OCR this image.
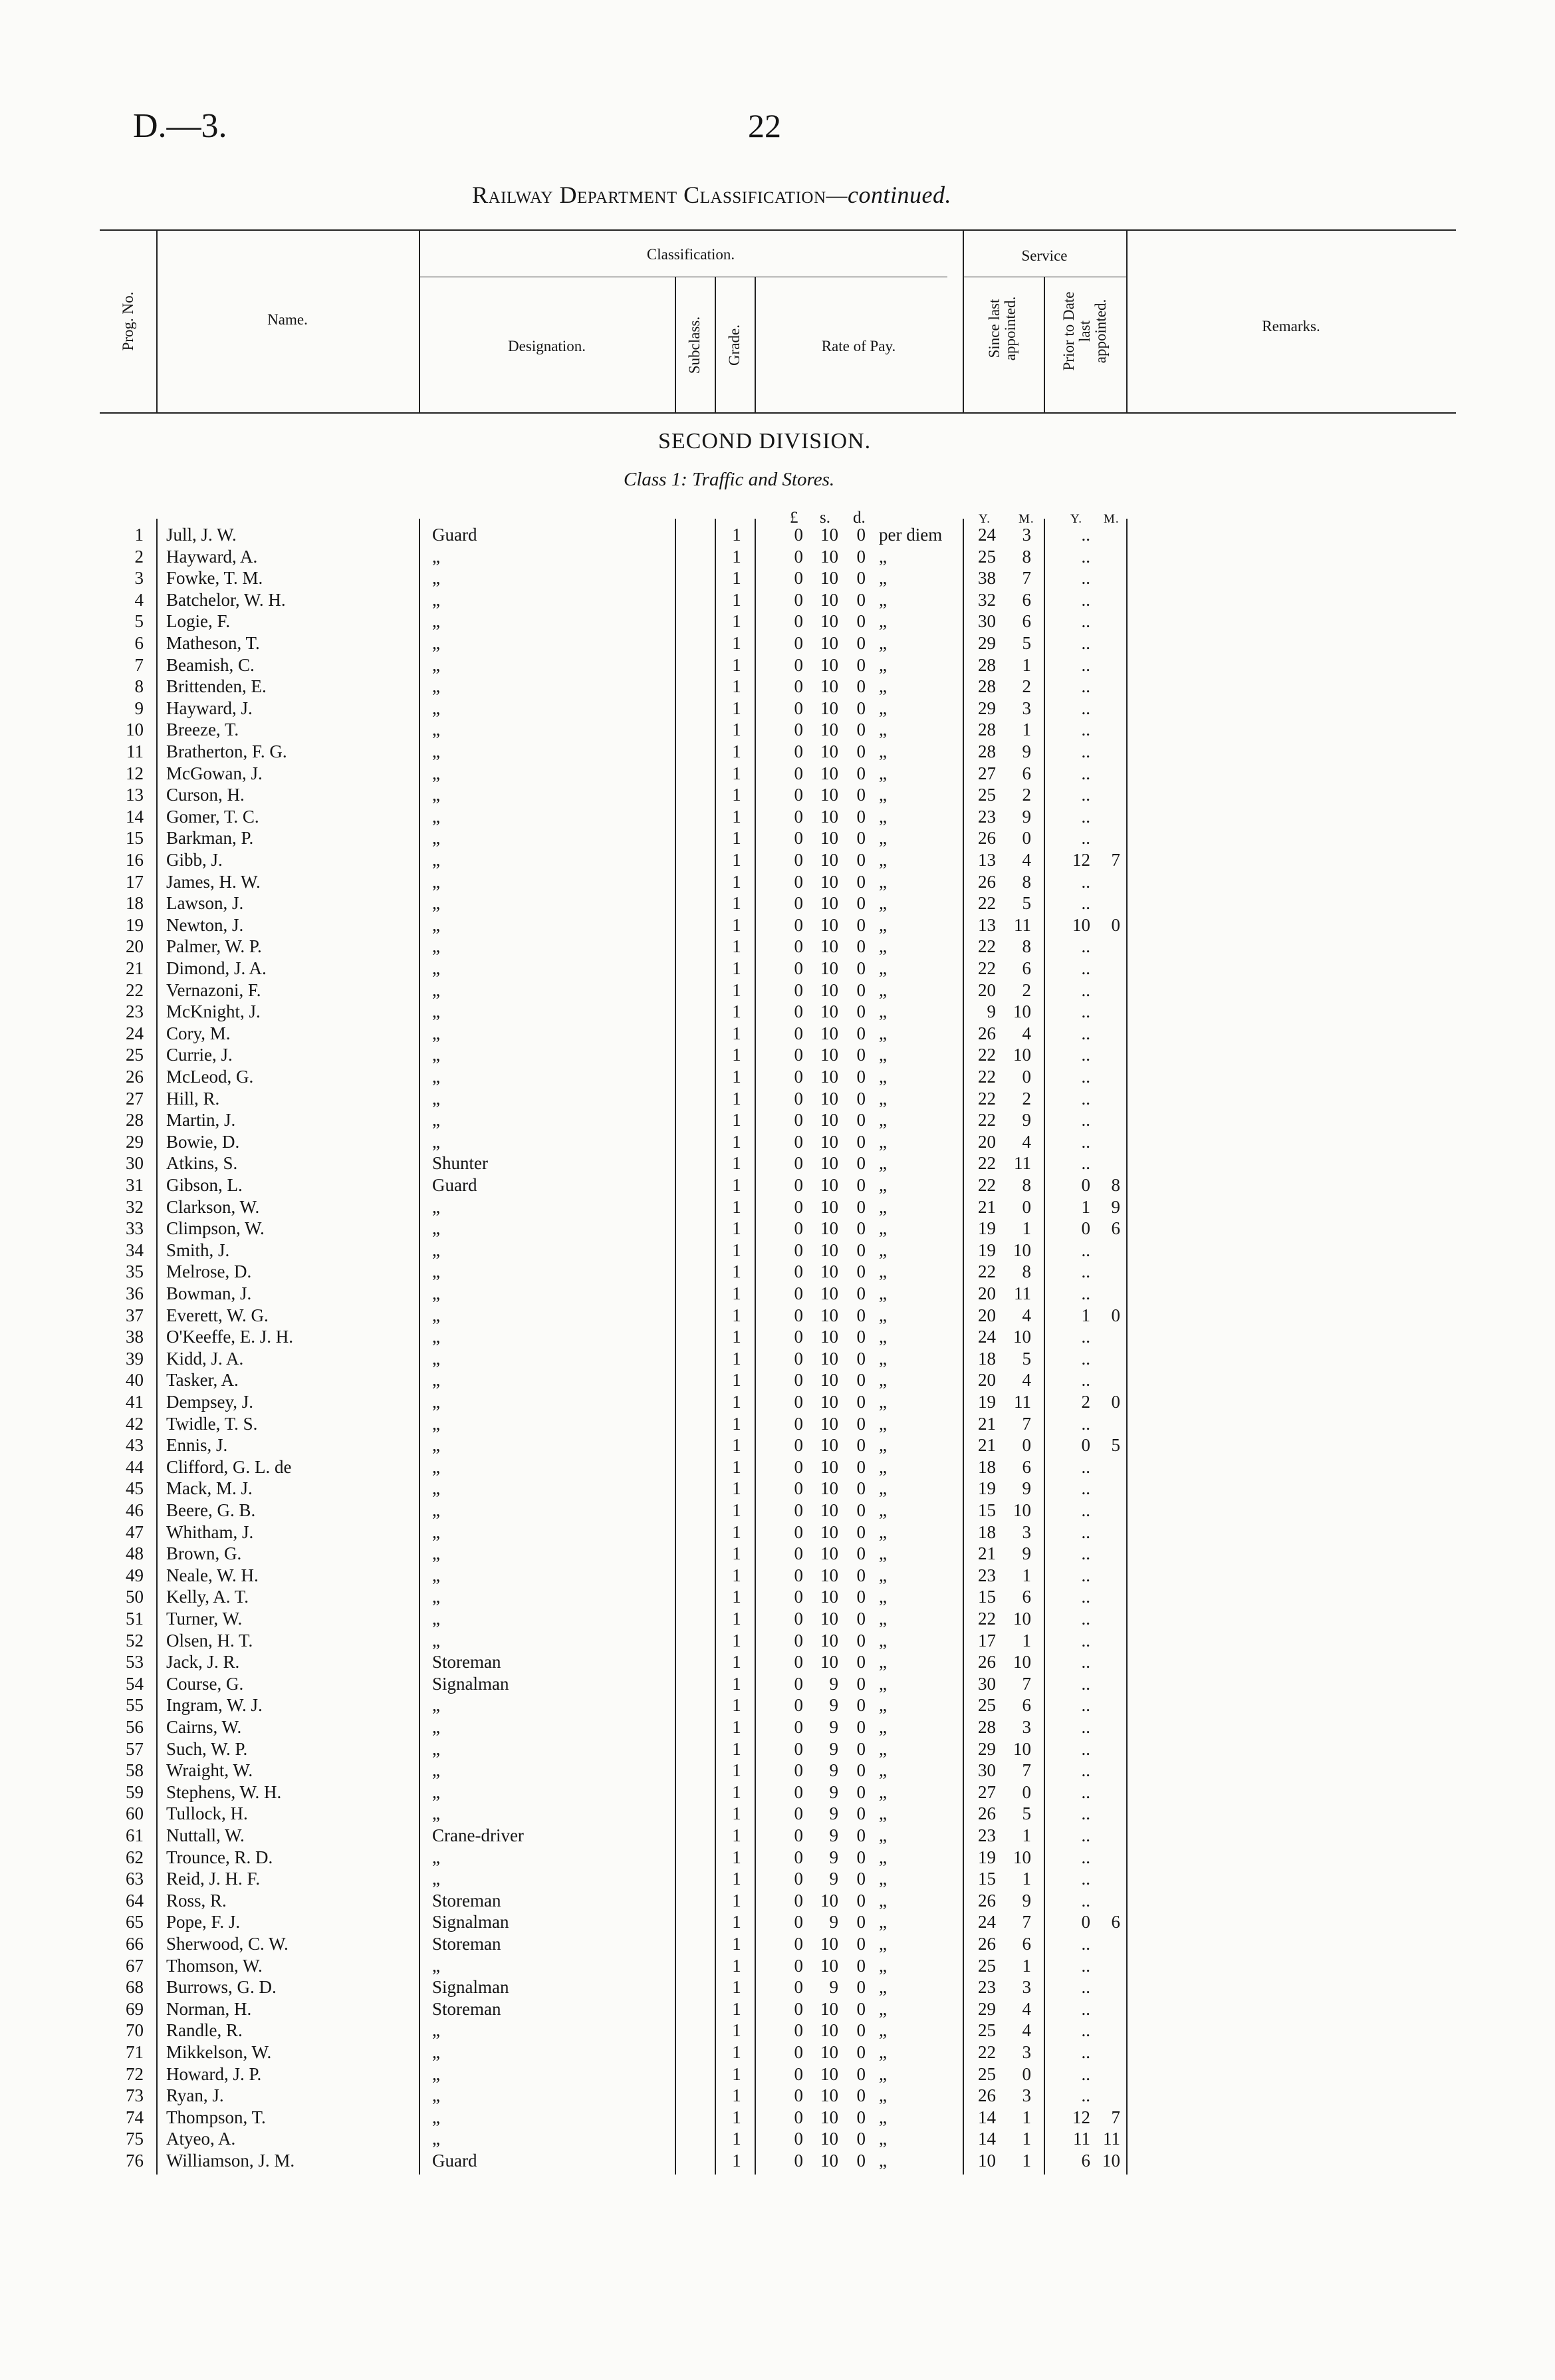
D.—3.	22
Railway Department Classification—continued.
Prog. No.	Name.
Classification.
Designation.	Subclass. Grade.	Rate of Pay.
Service
Since last appointed.	Prior to Date last appointed.	Remarks.
SECOND DIVISION.
Class 1: Traffic and Stores.
£ s. d.	Y. M.	Y. M.
1 Jull, J. W.	Guard	1	0 10	0 per diem	24	3	..
2 Hayward, A.	„	1	0 10	0 „	25	8	..
3 Fowke, T. M.	„	1	0 10	0 „	38	7	..
4 Batchelor, W. H.	„	1	0 10	0 „	32	6	..
5 Logie, F.	„	1	0 10	0 „	30	6	..
6 Matheson, T.	„	1	0 10	0 „	29	5	..
7 Beamish, C.	„	1	0 10	0 „	28	1	..
8 Brittenden, E.	„	1	0 10	0 „	28	2	..
9 Hayward, J.	„	1	0 10	0 „	29	3	..
10 Breeze, T.	„	1	0 10	0 „	28	1	..
11 Bratherton, F. G.	„	1	0 10	0 „	28	9	..
12 McGowan, J.	„	1	0 10	0 „	27	6	..
13 Curson, H.	„	1	0 10	0 „	25	2	..
14 Gomer, T. C.	„	1	0 10	0 „	23	9	..
15 Barkman, P.	„	1	0 10	0 „	26	0	..
16 Gibb, J.	„	1	0 10	0 „	13	4	12	7
17 James, H. W.	„	1	0 10	0 „	26	8	..
18 Lawson, J.	„	1	0 10	0 „	22	5	..
19 Newton, J.	„	1	0 10	0 „	13	11	10	0
20 Palmer, W. P.	„	1	0 10	0 „	22	8	..
21 Dimond, J. A.	„	1	0 10	0 „	22	6	..
22 Vernazoni, F.	„	1	0 10	0 „	20	2	..
23 McKnight, J.	„	1	0 10	0 „	9 10	..
24 Cory, M.	„	1	0 10	0 „	26	4	..
25 Currie, J.	„	1	0 10	0 „	22 10	..
26 McLeod, G.	„	1	0 10	0 „	22	0	..
27 Hill, R.	„	1	0 10	0 „	22	2	..
28 Martin, J.	„	1	0 10	0 „	22	9	..
29 Bowie, D.	„	1	0 10	0 „	20	4	..
30 Atkins, S.	Shunter	1	0 10	0 „	22	11	..
31 Gibson, L.	Guard	1	0 10	0 „	22	8	0	8
32 Clarkson, W.	„	1	0 10	0 „	21	0	1	9
33 Climpson, W.	„	1	0 10	0 „	19	1	0	6
34 Smith, J.	„	1	0 10	0 „	19 10	..
35 Melrose, D.	„	1	0 10	0 „	22	8	..
36 Bowman, J.	„	1	0 10	0 „	20	11	..
37 Everett, W. G.	„	1	0 10	0 „	20	4	1	0
38 O'Keeffe, E. J. H.	„	1	0 10	0 „	24 10	..
39 Kidd, J. A.	„	1	0 10	0 „	18	5	..
40 Tasker, A.	„	1	0 10	0 „	20	4	..
41 Dempsey, J.	„	1	0 10	0 „	19	11	2	0
42 Twidle, T. S.	„	1	0 10	0 „	21	7	..
43 Ennis, J.	„	1	0 10	0 „	21	0	0	5
44 Clifford, G. L. de	„	1	0 10	0 „	18	6	..
45 Mack, M. J.	„	1	0 10	0 „	19	9	..
46 Beere, G. B.	„	1	0 10	0 „	15 10	..
47 Whitham, J.	„	1	0 10	0 „	18	3	..
48 Brown, G.	„	1	0 10	0 „	21	9	..
49 Neale, W. H.	„	1	0 10	0 „	23	1	..
50 Kelly, A. T.	„	1	0 10	0 „	15	6	..
51 Turner, W.	„	1	0 10	0 „	22 10	..
52 Olsen, H. T.	„	1	0 10	0 „	17	1	..
53 Jack, J. R.	Storeman	1	0 10	0 „	26 10	..
54 Course, G.	Signalman	1	0	9	0 „	30	7	..
55 Ingram, W. J.	„	1	0	9	0 „	25	6	..
56 Cairns, W.	„	1	0	9	0 „	28	3	..
57 Such, W. P.	„	1	0	9	0 „	29 10	..
58 Wraight, W.	„	1	0	9	0 „	30	7	..
59 Stephens, W. H.	„	1	0	9	0 „	27	0	..
60 Tullock, H.	„	1	0	9	0 „	26	5	..
61 Nuttall, W.	Crane-driver	1	0	9	0 „	23	1	..
62 Trounce, R. D.	„	1	0	9	0 „	19 10	..
63 Reid, J. H. F.	„	1	0	9	0 „	15	1	..
64 Ross, R.	Storeman	1	0 10	0 „	26	9	..
65 Pope, F. J.	Signalman	1	0	9	0 „	24	7	0	6
66 Sherwood, C. W.	Storeman	1	0 10	0 „	26	6	..
67 Thomson, W.	„	1	0 10	0 „	25	1	..
68 Burrows, G. D.	Signalman	1	0	9	0 „	23	3	..
69 Norman, H.	Storeman	1	0 10	0 „	29	4	..
70 Randle, R.	„	1	0 10	0 „	25	4	..
71 Mikkelson, W.	„	1	0 10	0 „	22	3	..
72 Howard, J. P.	„	1	0 10	0 „	25	0	..
73 Ryan, J.	„	1	0 10	0 „	26	3	..
74 Thompson, T.	„	1	0 10	0 „	14	1	12	7
75 Atyeo, A.	„	1	0 10	0 „	14	1	11 11
76 Williamson, J. M.	Guard	1	0 10	0 „	10	1	6 10
